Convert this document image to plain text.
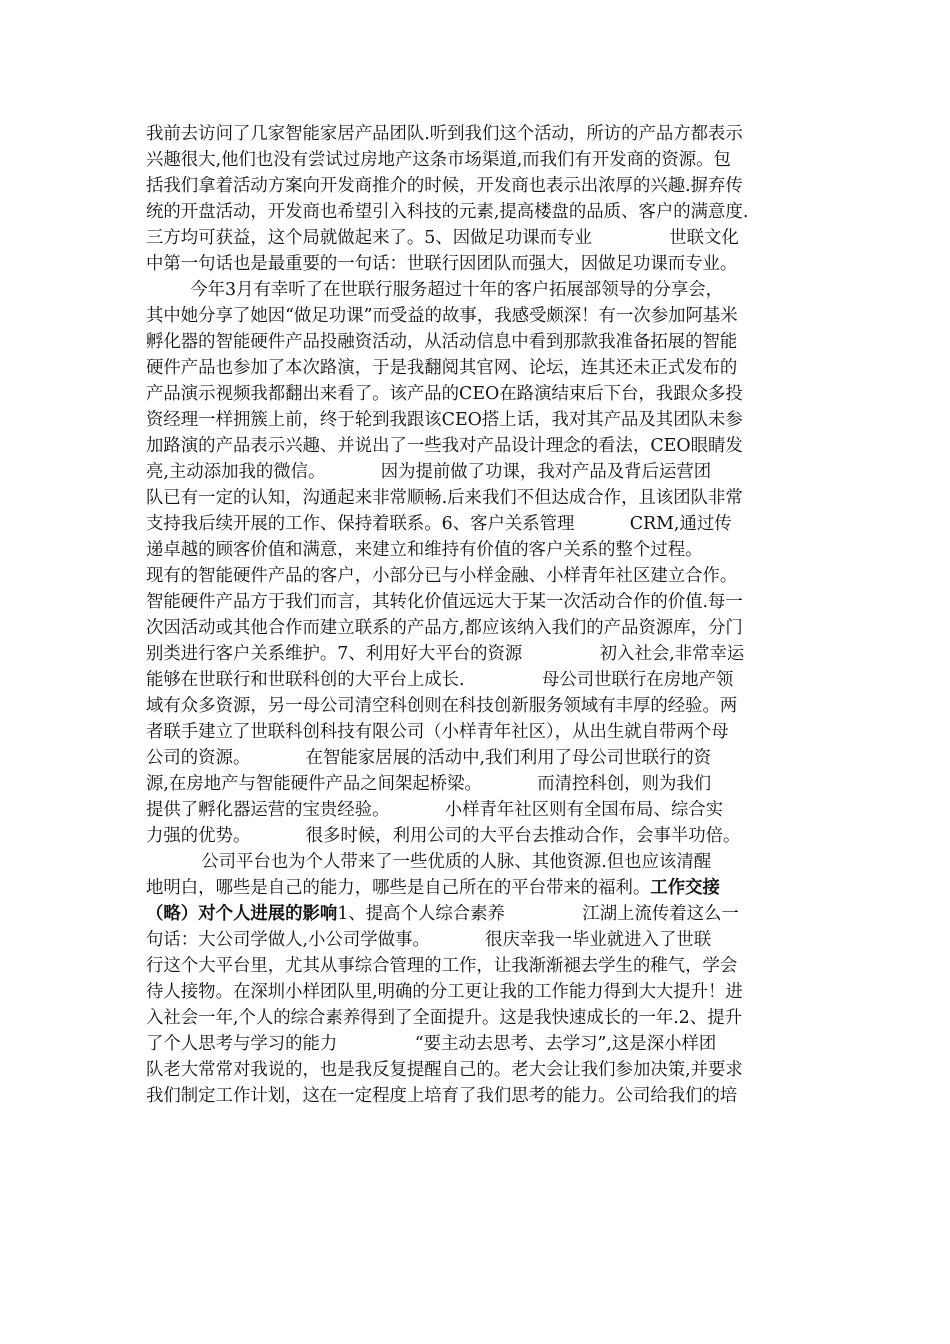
我前去访问了几家智能家居产品团队.听到我们这个活动，所访的产品方都表示
兴趣很大,他们也没有尝试过房地产这条市场渠道,而我们有开发商的资源。包
括我们拿着活动方案向开发商推介的时候，开发商也表示出浓厚的兴趣.摒弃传
统的开盘活动，开发商也希望引入科技的元素,提高楼盘的品质、客户的满意度.
三方均可获益，这个局就做起来了。5、因做足功课而专业              世联文化
中第一句话也是最重要的一句话：世联行因团队而强大，因做足功课而专业。
今年3月有幸听了在世联行服务超过十年的客户拓展部领导的分享会，
其中她分享了她因“做足功课”而受益的故事，我感受颇深！有一次参加阿基米
孵化器的智能硬件产品投融资活动，从活动信息中看到那款我准备拓展的智能
硬件产品也参加了本次路演，于是我翻阅其官网、论坛，连其还未正式发布的
产品演示视频我都翻出来看了。该产品的CEO在路演结束后下台，我跟众多投
资经理一样拥簇上前，终于轮到我跟该CEO搭上话，我对其产品及其团队未参
加路演的产品表示兴趣、并说出了一些我对产品设计理念的看法，CEO眼睛发
亮,主动添加我的微信。          因为提前做了功课，我对产品及背后运营团
队已有一定的认知，沟通起来非常顺畅.后来我们不但达成合作，且该团队非常
支持我后续开展的工作、保持着联系。6、客户关系管理          CRM,通过传
递卓越的顾客价值和满意，来建立和维持有价值的客户关系的整个过程。
现有的智能硬件产品的客户，小部分已与小样金融、小样青年社区建立合作。
智能硬件产品方于我们而言，其转化价值远远大于某一次活动合作的价值.每一
次因活动或其他合作而建立联系的产品方,都应该纳入我们的产品资源库，分门
别类进行客户关系维护。7、利用好大平台的资源              初入社会,非常幸运
能够在世联行和世联科创的大平台上成长.              母公司世联行在房地产领
域有众多资源，另一母公司清空科创则在科技创新服务领域有丰厚的经验。两
者联手建立了世联科创科技有限公司（小样青年社区），从出生就自带两个母
公司的资源。          在智能家居展的活动中,我们利用了母公司世联行的资
源,在房地产与智能硬件产品之间架起桥梁。          而清控科创，则为我们
提供了孵化器运营的宝贵经验。          小样青年社区则有全国布局、综合实
力强的优势。          很多时候，利用公司的大平台去推动合作，会事半功倍。
公司平台也为个人带来了一些优质的人脉、其他资源.但也应该清醒
地明白，哪些是自己的能力，哪些是自己所在的平台带来的福利。工作交接
（略）对个人进展的影响1、提高个人综合素养              江湖上流传着这么一
句话：大公司学做人,小公司学做事。          很庆幸我一毕业就进入了世联
行这个大平台里，尤其从事综合管理的工作，让我渐渐褪去学生的稚气，学会
待人接物。在深圳小样团队里,明确的分工更让我的工作能力得到大大提升！进
入社会一年,个人的综合素养得到了全面提升。这是我快速成长的一年.2、提升
了个人思考与学习的能力              “要主动去思考、去学习”,这是深小样团
队老大常常对我说的，也是我反复提醒自己的。老大会让我们参加决策,并要求
我们制定工作计划，这在一定程度上培育了我们思考的能力。公司给我们的培
